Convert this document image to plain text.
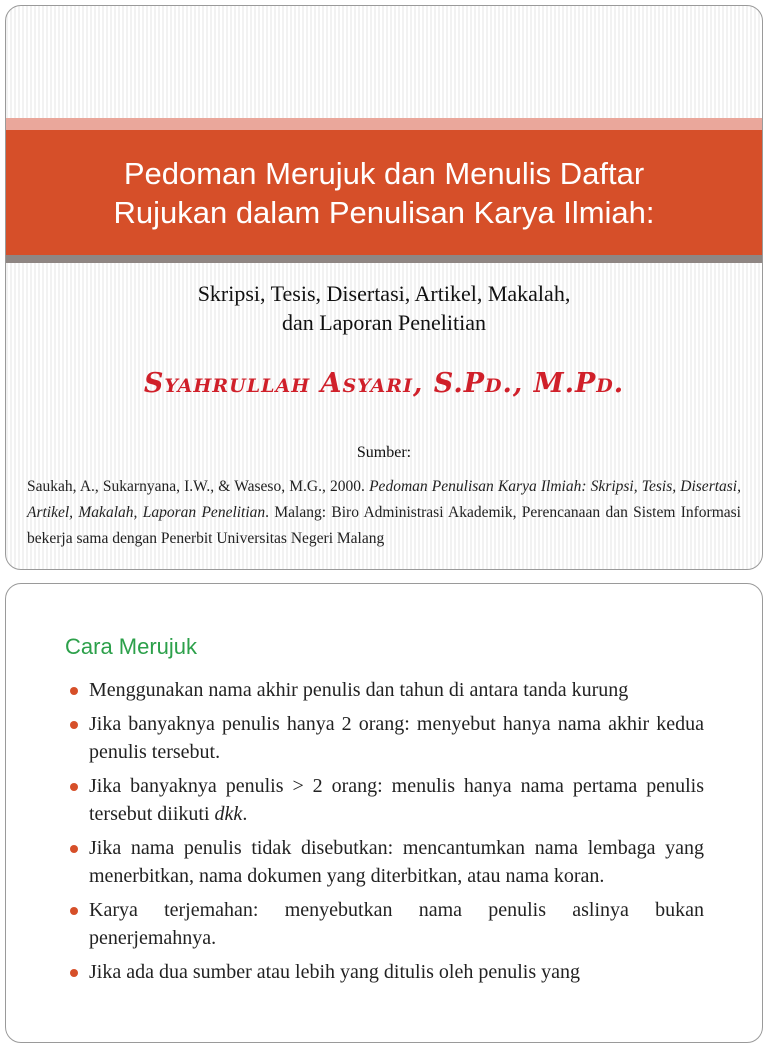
Pedoman Merujuk dan Menulis Daftar
Rujukan dalam Penulisan Karya Ilmiah:
Skripsi, Tesis, Disertasi, Artikel, Makalah,
dan Laporan Penelitian
Syahrullah Asyari, S.Pd., M.Pd.
Sumber:
Saukah, A., Sukarnyana, I.W., & Waseso, M.G., 2000. Pedoman Penulisan Karya Ilmiah: Skripsi, Tesis, Disertasi, Artikel, Makalah, Laporan Penelitian. Malang: Biro Administrasi Akademik, Perencanaan dan Sistem Informasi bekerja sama dengan Penerbit Universitas Negeri Malang
Cara Merujuk
Menggunakan nama akhir penulis dan tahun di antara tanda kurung
Jika banyaknya penulis hanya 2 orang: menyebut hanya nama akhir kedua penulis tersebut.
Jika banyaknya penulis > 2 orang: menulis hanya nama pertama penulis tersebut diikuti dkk.
Jika nama penulis tidak disebutkan: mencantumkan nama lembaga yang menerbitkan, nama dokumen yang diterbitkan, atau nama koran.
Karya terjemahan: menyebutkan nama penulis aslinya bukan penerjemahnya.
Jika ada dua sumber atau lebih yang ditulis oleh penulis yang
